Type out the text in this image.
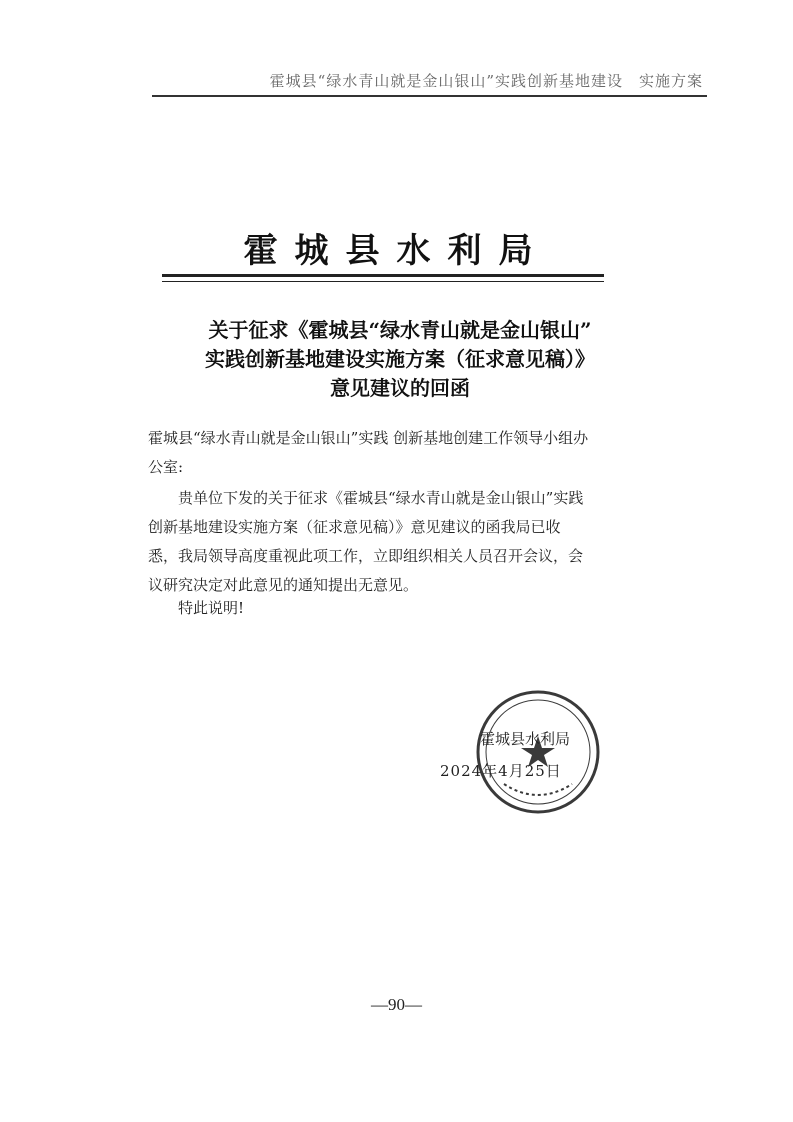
霍城县“绿水青山就是金山银山”实践创新基地建设　实施方案
霍城县水利局
关于征求《霍城县“绿水青山就是金山银山”
实践创新基地建设实施方案（征求意见稿）》
意见建议的回函
霍城县“绿水青山就是金山银山”实践 创新基地创建工作领导小组办公室:
贵单位下发的关于征求《霍城县“绿水青山就是金山银山”实践创新基地建设实施方案（征求意见稿）》意见建议的函我局已收悉，我局领导高度重视此项工作，立即组织相关人员召开会议，会议研究决定对此意见的通知提出无意见。
特此说明!
霍城县水利局
2024年4月25日
—90—
